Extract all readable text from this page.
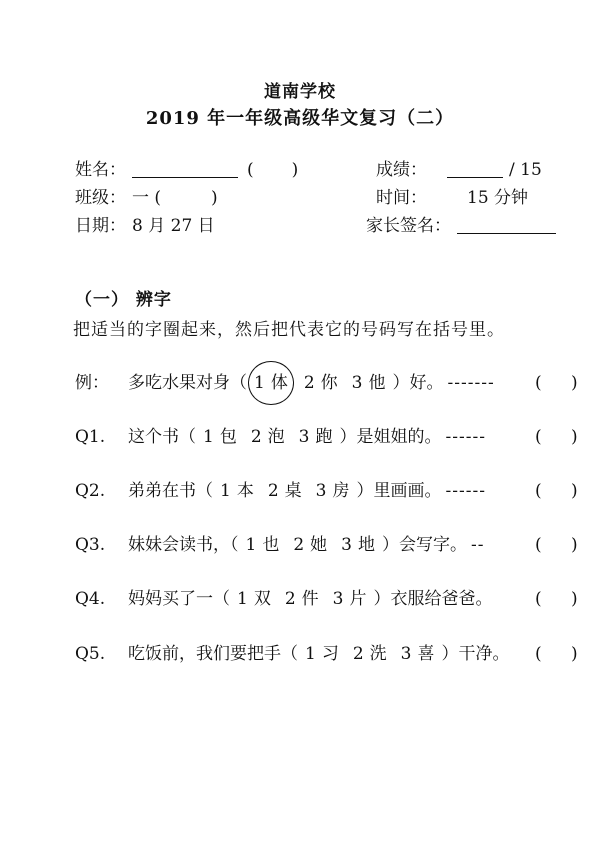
道南学校
2019 年一年级高级华文复习（二）
姓名：	( )	成绩：	/ 15
班级： 一 (	)	时间： 15 分钟
日期： 8 月 27 日	家长签名：
（一） 辨字
把适当的字圈起来，然后把代表它的号码写在括号里。
例： 多吃水果对身（ 1 体 2 你 3 他 ）好。 -------	( )
Q1. 这个书（ 1 包 2 泡 3 跑 ）是姐姐的。 ------	( )
Q2. 弟弟在书（ 1 本 2 桌 3 房 ）里画画。 ------	( )
Q3. 妹妹会读书，（ 1 也 2 她 3 地 ）会写字。 --	( )
Q4. 妈妈买了一（ 1 双 2 件 3 片 ）衣服给爸爸。	( )
Q5. 吃饭前，我们要把手（ 1 习 2 洗 3 喜 ）干净。	( )
